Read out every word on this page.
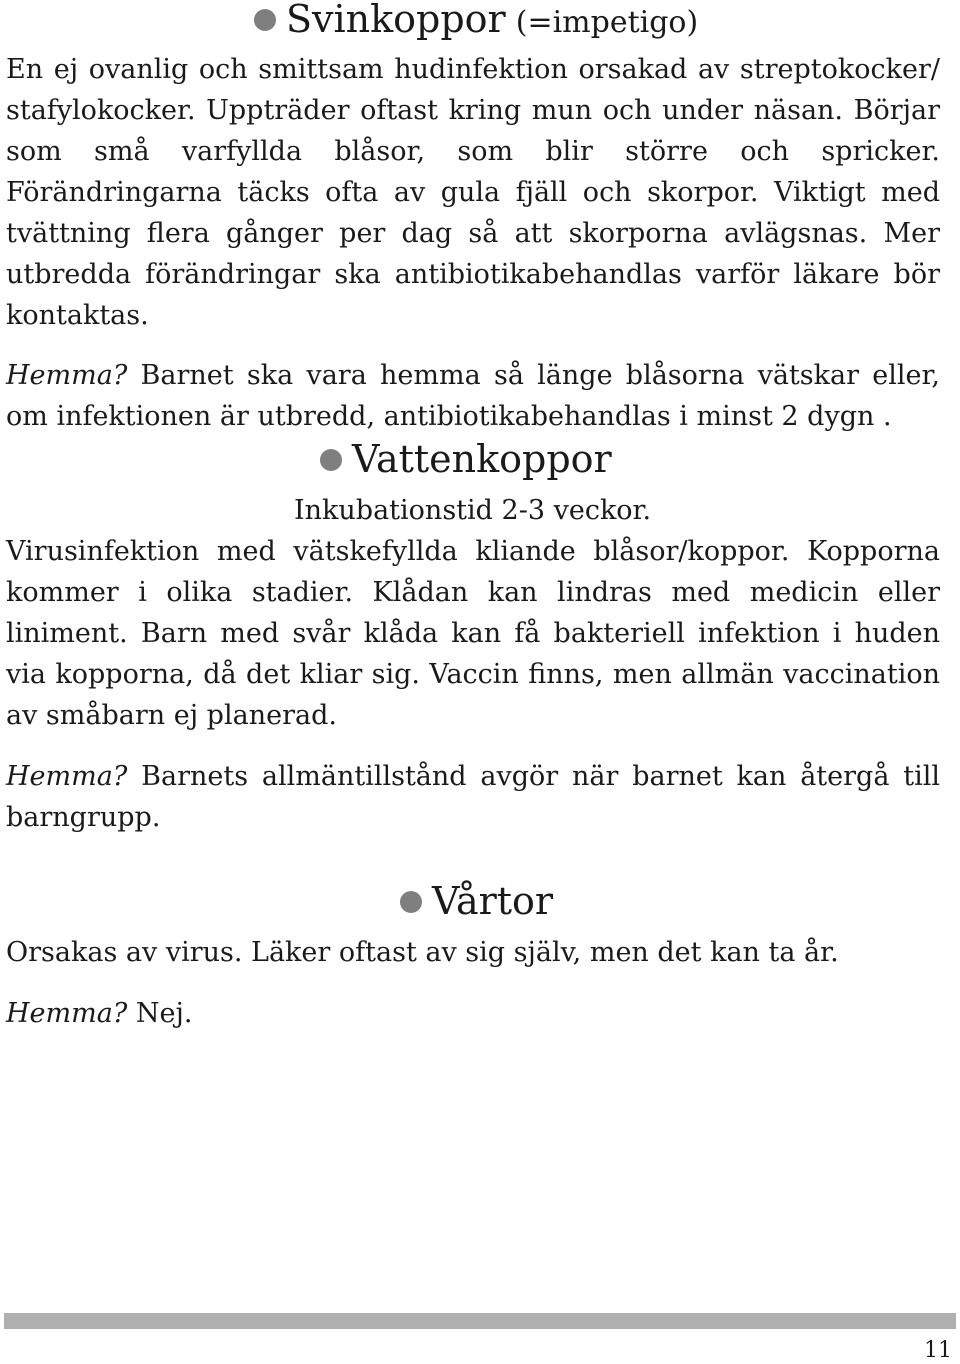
Svinkoppor (=impetigo)

En ej ovanlig och smittsam hudinfektion orsakad av streptokocker/ stafylokocker. Uppträder oftast kring mun och under näsan. Börjar som små varfyllda blåsor, som blir större och spricker. Förändringarna täcks ofta av gula fjäll och skorpor. Viktigt med tvättning flera gånger per dag så att skorporna avlägsnas. Mer utbredda förändringar ska antibiotikabehandlas varför läkare bör kontaktas.

Hemma? Barnet ska vara hemma så länge blåsorna vätskar eller, om infektionen är utbredd, antibiotikabehandlas i minst 2 dygn .

Vattenkoppor

Inkubationstid 2-3 veckor.

Virusinfektion med vätskefyllda kliande blåsor/koppor. Kopporna kommer i olika stadier. Klådan kan lindras med medicin eller liniment. Barn med svår klåda kan få bakteriell infektion i huden via kopporna, då det kliar sig. Vaccin finns, men allmän vaccination av småbarn ej planerad.

Hemma? Barnets allmäntillstånd avgör när barnet kan återgå till barngrupp.

Vårtor

Orsakas av virus. Läker oftast av sig själv, men det kan ta år.

Hemma? Nej.

11
